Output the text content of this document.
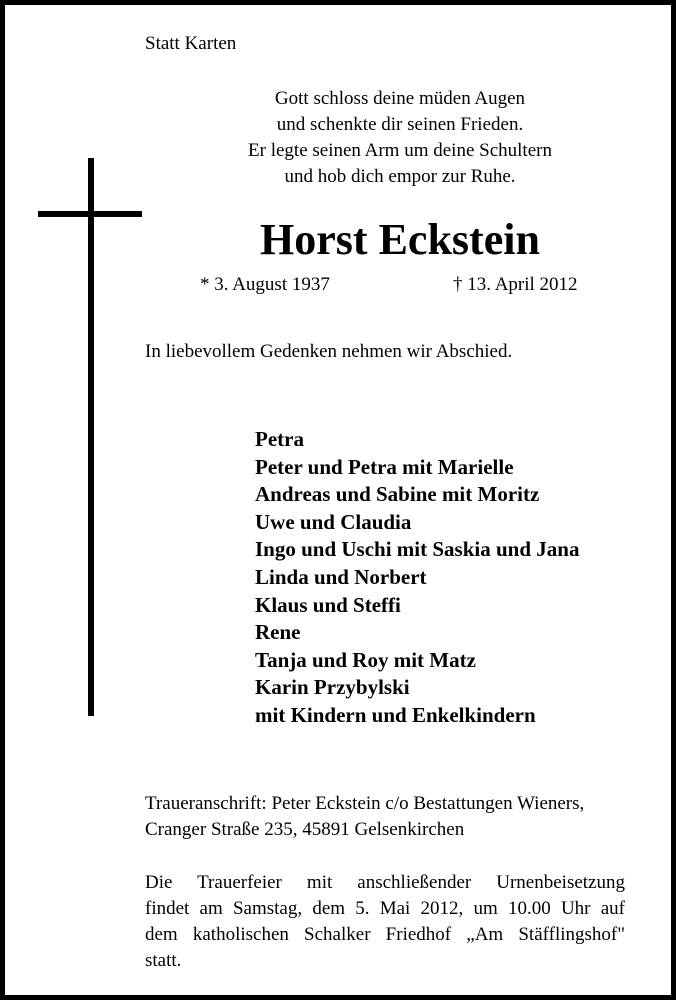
Statt Karten
Gott schloss deine müden Augen
und schenkte dir seinen Frieden.
Er legte seinen Arm um deine Schultern
und hob dich empor zur Ruhe.
Horst Eckstein
* 3. August 1937	† 13. April 2012
In liebevollem Gedenken nehmen wir Abschied.
Petra
Peter und Petra mit Marielle
Andreas und Sabine mit Moritz
Uwe und Claudia
Ingo und Uschi mit Saskia und Jana
Linda und Norbert
Klaus und Steffi
Rene
Tanja und Roy mit Matz
Karin Przybylski
mit Kindern und Enkelkindern
Traueranschrift: Peter Eckstein c/o Bestattungen Wieners,
Cranger Straße 235, 45891 Gelsenkirchen
Die Trauerfeier mit anschließender Urnenbeisetzung
findet am Samstag, dem 5. Mai 2012, um 10.00 Uhr auf
dem katholischen Schalker Friedhof „Am Stäfflingshof"
statt.
